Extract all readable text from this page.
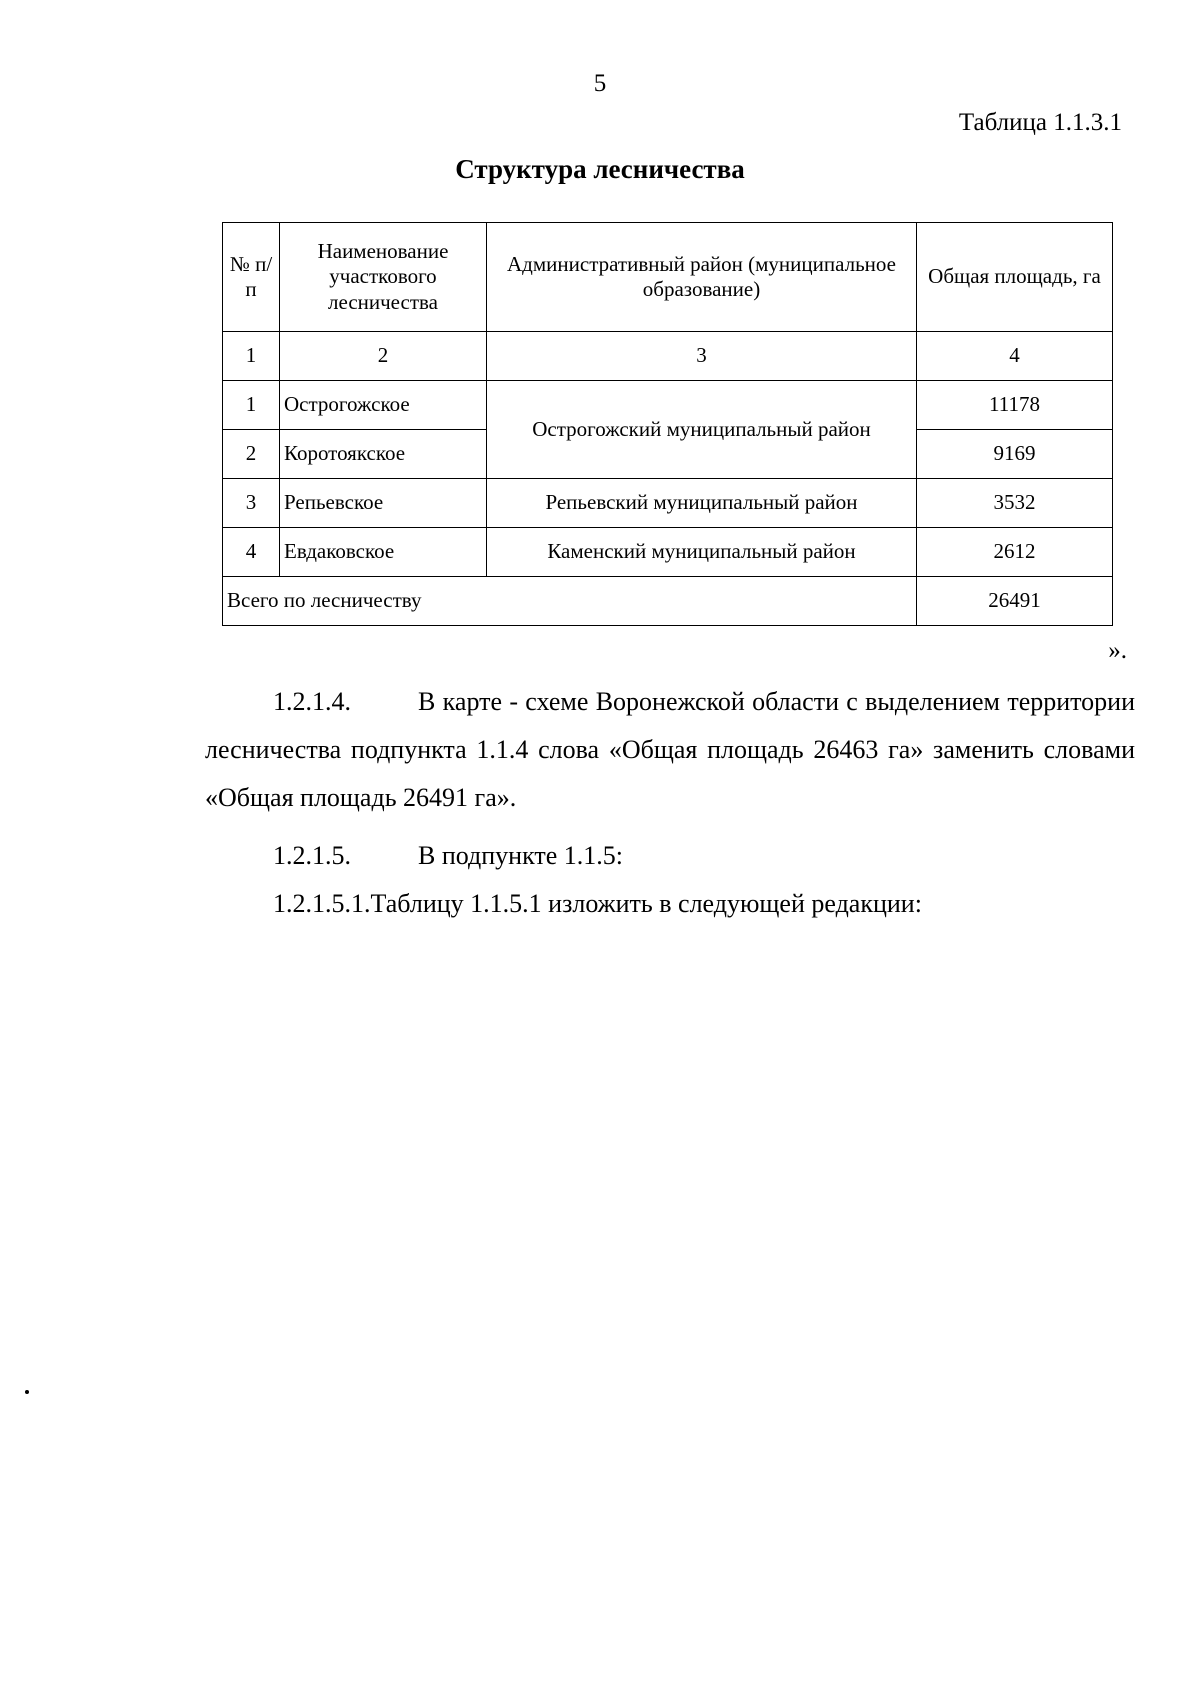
5
Таблица 1.1.3.1
Структура лесничества
№ п/п	Наименование участкового лесничества	Административный район (муниципальное образование)	Общая площадь, га
1	2	3	4
1	Острогожское	Острогожский муниципальный район	11178
2	Коротоякское		9169
3	Репьевское	Репьевский муниципальный район	3532
4	Евдаковское	Каменский муниципальный район	2612
Всего по лесничеству			26491
».
1.2.1.4.	В карте - схеме Воронежской области с выделением территории лесничества подпункта 1.1.4 слова «Общая площадь 26463 га» заменить словами «Общая площадь 26491 га».
1.2.1.5.	В подпункте 1.1.5:
1.2.1.5.1.Таблицу 1.1.5.1 изложить в следующей редакции:
